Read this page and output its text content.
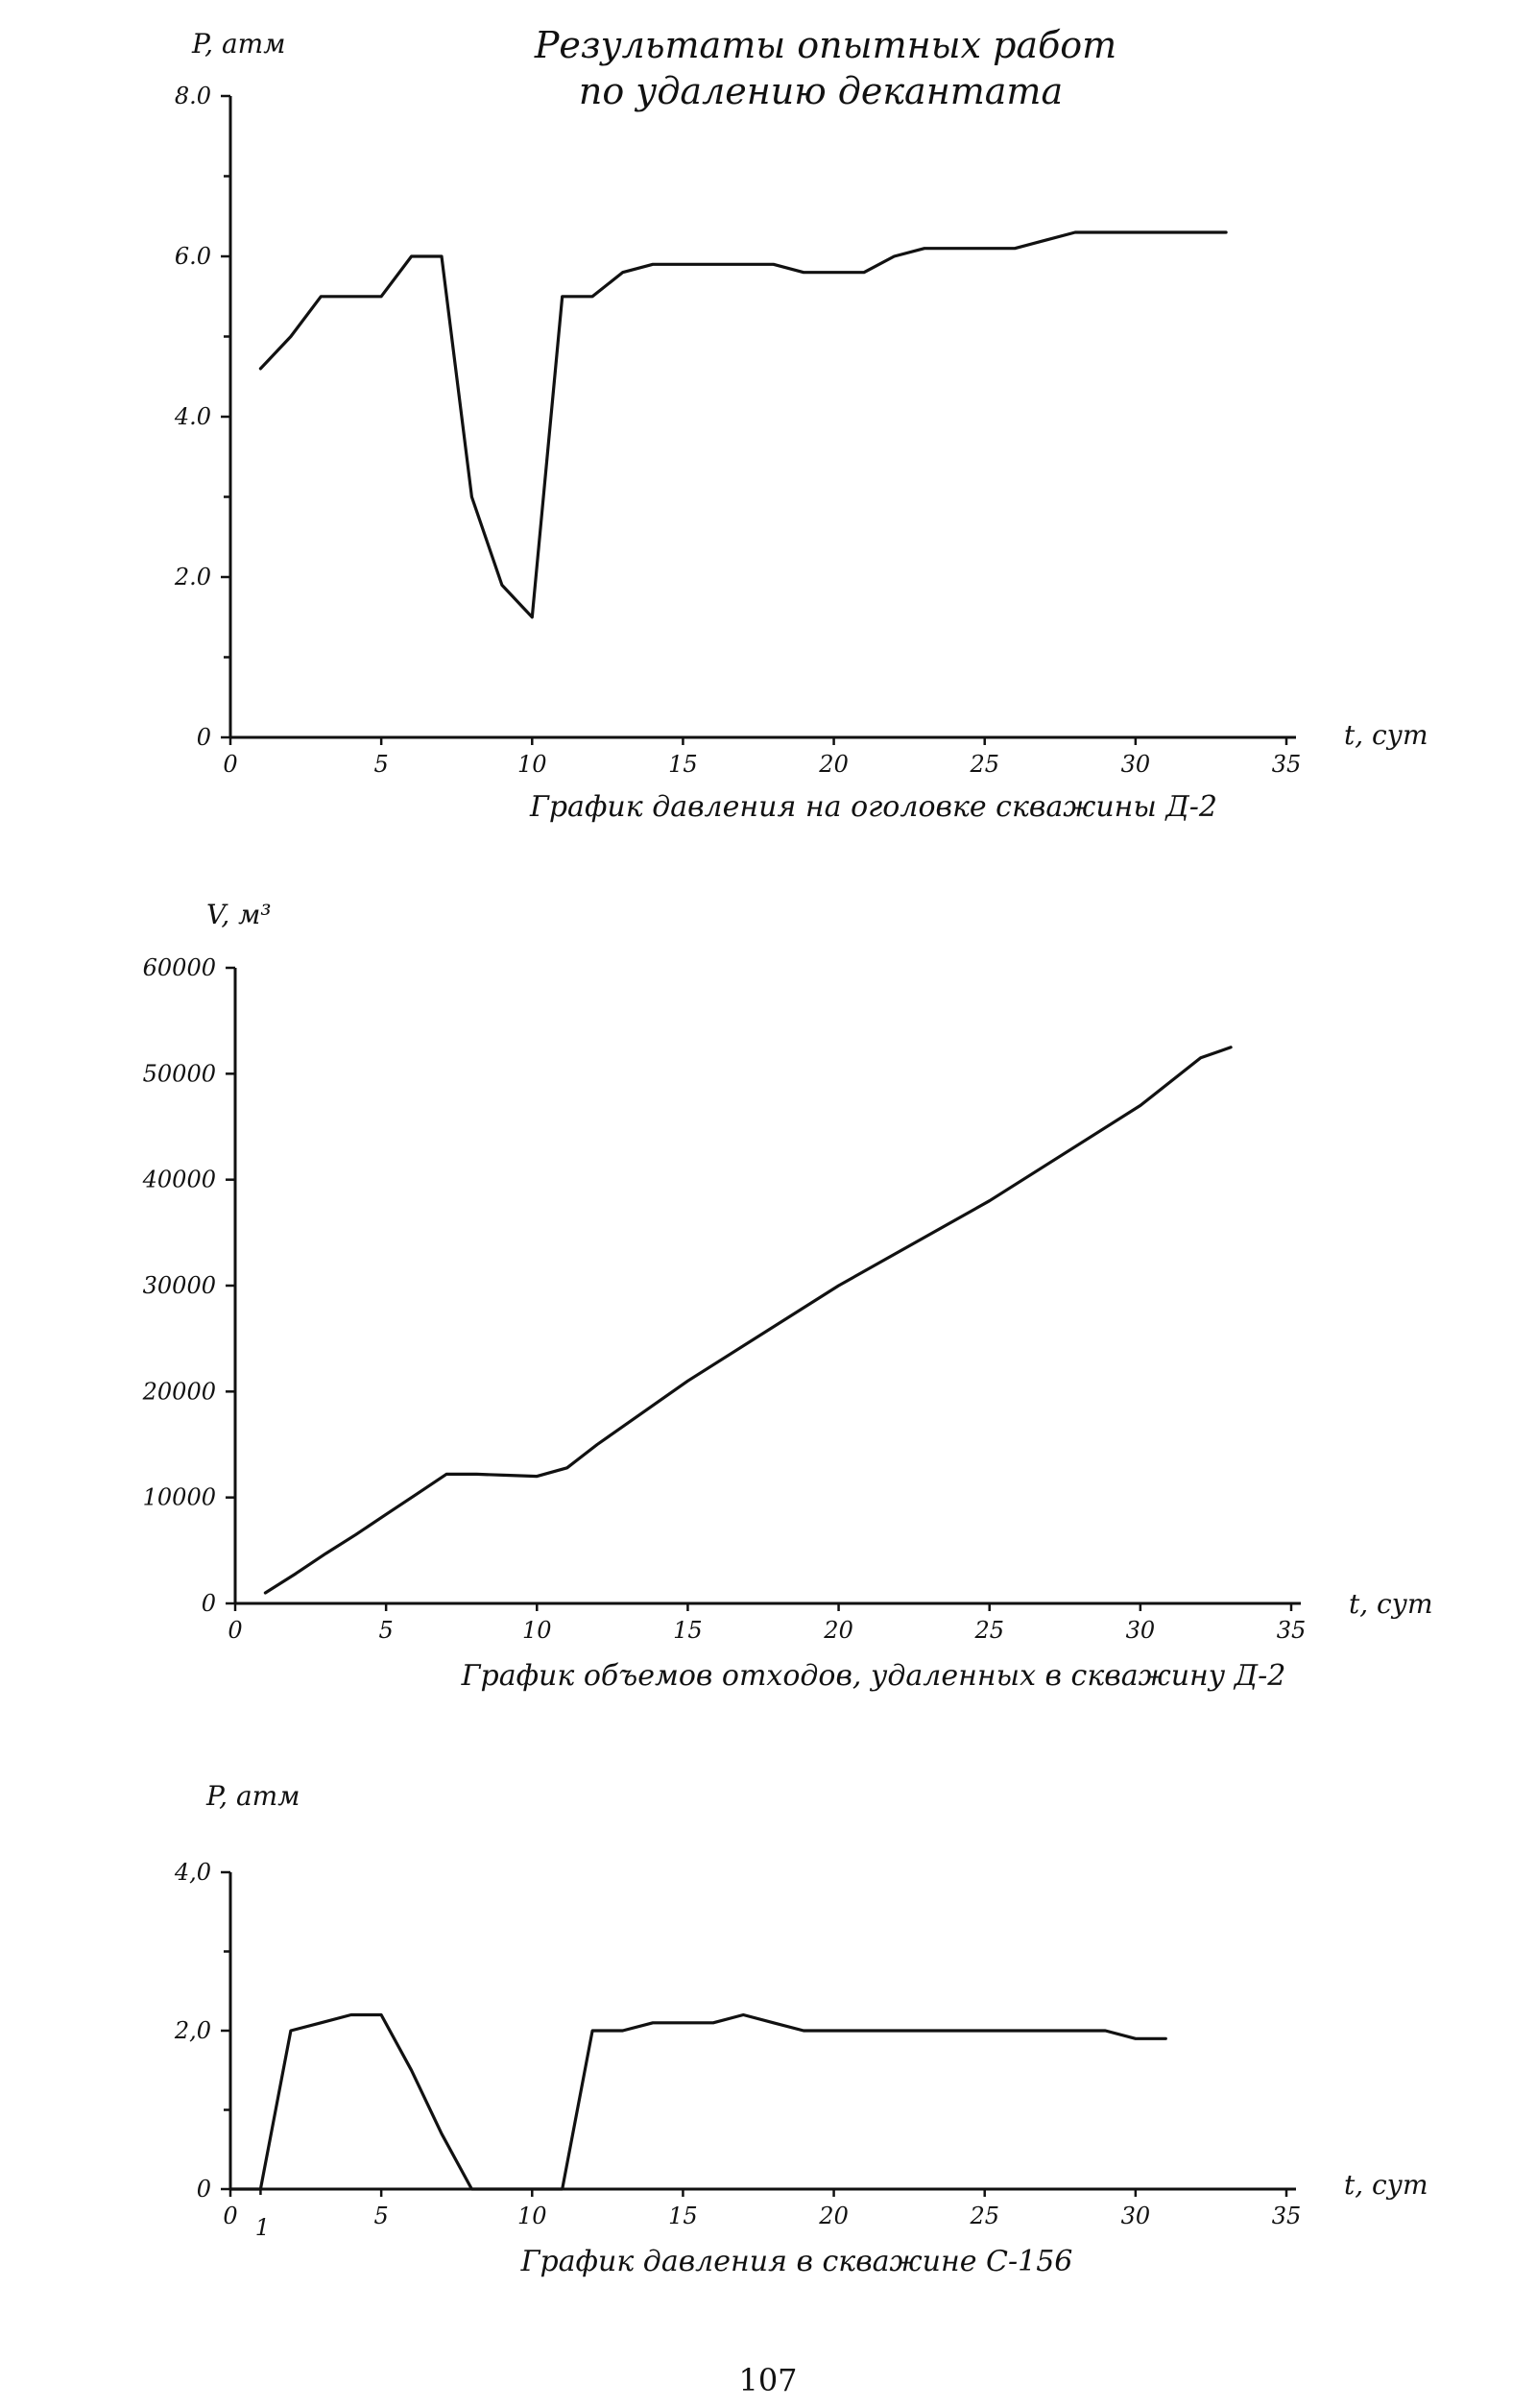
Результаты опытных работ
по удалению декантата
0
2.0
4.0
6.0
8.0
0	5	10	15	20	25	30	35
P, атм
t, сут
График давления на оголовке скважины Д-2
0
10000
20000
30000
40000
50000
60000
0	5	10	15	20	25	30	35
V, м³
t, сут
График объемов отходов, удаленных в скважину Д-2
0
2,0
4,0
0	5	10	15	20	25	30	35
1
P, атм
t, сут
График давления в скважине С-156
107
